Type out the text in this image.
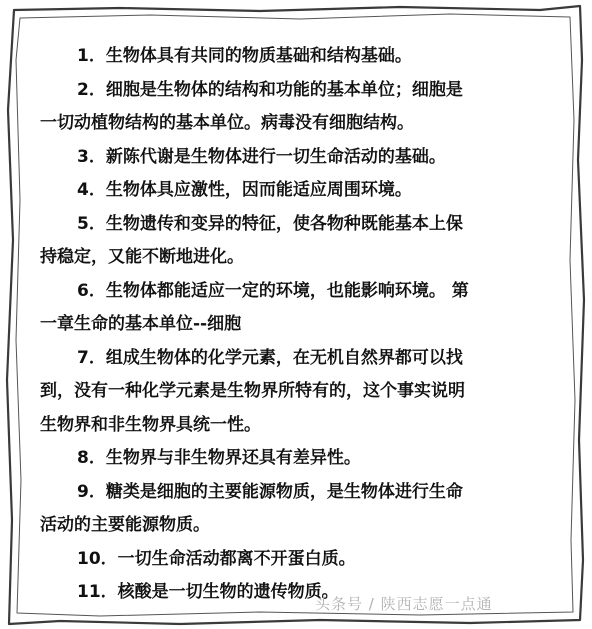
1．生物体具有共同的物质基础和结构基础。
2．细胞是生物体的结构和功能的基本单位；细胞是
一切动植物结构的基本单位。病毒没有细胞结构。
3．新陈代谢是生物体进行一切生命活动的基础。
4．生物体具应激性，因而能适应周围环境。
5．生物遗传和变异的特征，使各物种既能基本上保
持稳定，又能不断地进化。
6．生物体都能适应一定的环境，也能影响环境。 第
一章生命的基本单位--细胞
7．组成生物体的化学元素，在无机自然界都可以找
到，没有一种化学元素是生物界所特有的，这个事实说明
生物界和非生物界具统一性。
8．生物界与非生物界还具有差异性。
9．糖类是细胞的主要能源物质，是生物体进行生命
活动的主要能源物质。
10．一切生命活动都离不开蛋白质。
11．核酸是一切生物的遗传物质。
头条号 / 陕西志愿一点通
